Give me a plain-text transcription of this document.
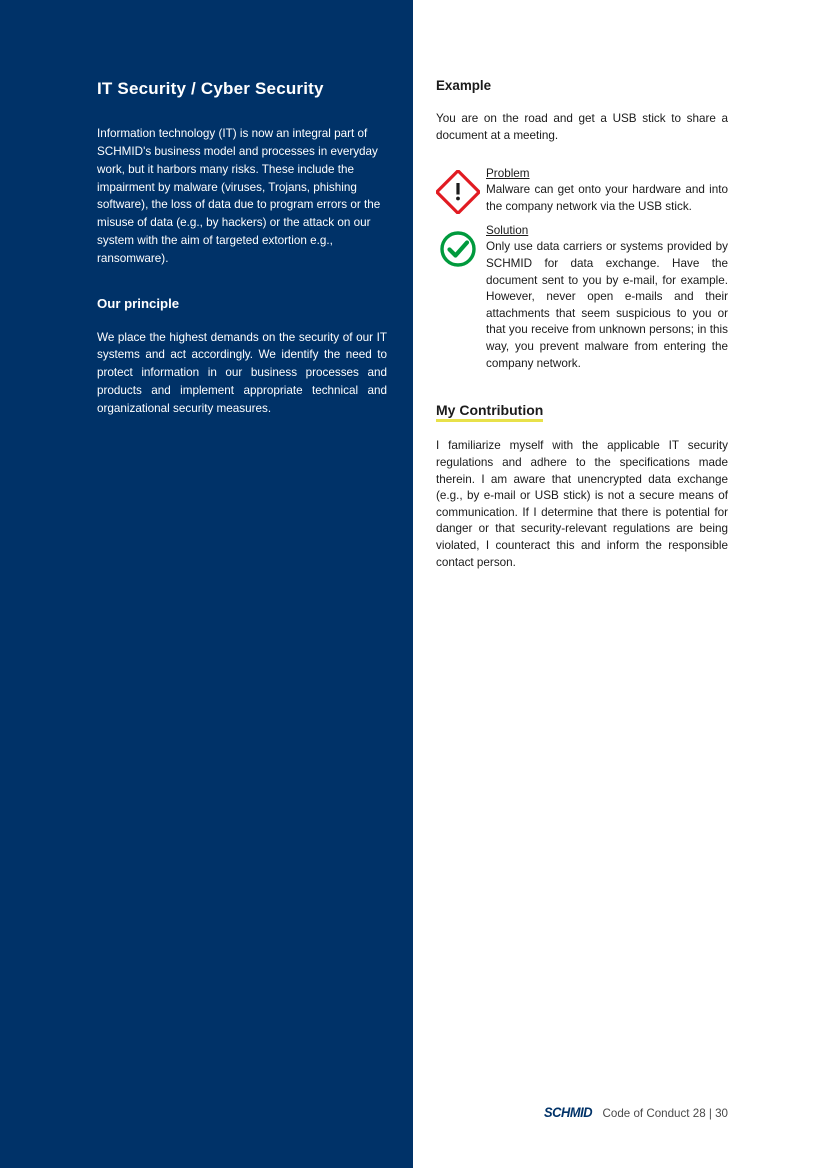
IT Security / Cyber Security

Information technology (IT) is now an integral part of SCHMID's business model and processes in everyday work, but it harbors many risks. These include the impairment by malware (viruses, Trojans, phishing software), the loss of data due to program errors or the misuse of data (e.g., by hackers) or the attack on our system with the aim of targeted extortion e.g., ransomware).

Our principle

We place the highest demands on the security of our IT systems and act accordingly. We identify the need to protect information in our business processes and products and implement appropriate technical and organizational security measures.

Example

You are on the road and get a USB stick to share a document at a meeting.

Problem

Malware can get onto your hardware and into the company network via the USB stick.

Solution

Only use data carriers or systems provided by SCHMID for data exchange. Have the document sent to you by e-mail, for example. However, never open e-mails and their attachments that seem suspicious to you or that you receive from unknown persons; in this way, you prevent malware from entering the company network.

My Contribution

I familiarize myself with the applicable IT security regulations and adhere to the specifications made therein. I am aware that unencrypted data exchange (e.g., by e-mail or USB stick) is not a secure means of communication. If I determine that there is potential for danger or that security-relevant regulations are being violated, I counteract this and inform the responsible contact person.

SCHMID Code of Conduct 28 | 30
